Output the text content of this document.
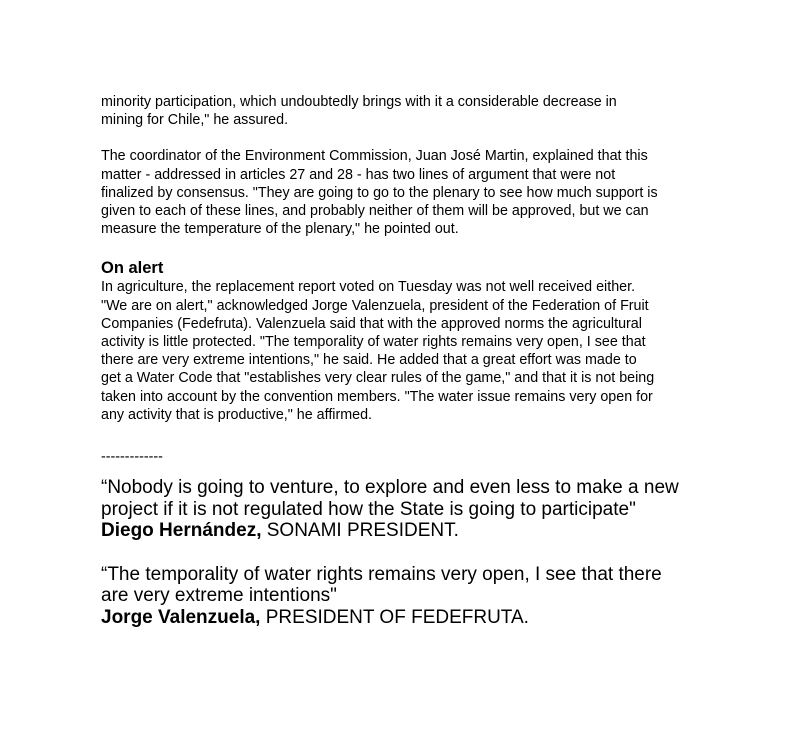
minority participation, which undoubtedly brings with it a considerable decrease in
mining for Chile," he assured.

The coordinator of the Environment Commission, Juan José Martin, explained that this
matter - addressed in articles 27 and 28 - has two lines of argument that were not
finalized by consensus. "They are going to go to the plenary to see how much support is
given to each of these lines, and probably neither of them will be approved, but we can
measure the temperature of the plenary," he pointed out.

On alert

In agriculture, the replacement report voted on Tuesday was not well received either.
"We are on alert," acknowledged Jorge Valenzuela, president of the Federation of Fruit
Companies (Fedefruta). Valenzuela said that with the approved norms the agricultural
activity is little protected. "The temporality of water rights remains very open, I see that
there are very extreme intentions," he said. He added that a great effort was made to
get a Water Code that "establishes very clear rules of the game," and that it is not being
taken into account by the convention members. "The water issue remains very open for
any activity that is productive," he affirmed.

-------------

“Nobody is going to venture, to explore and even less to make a new
project if it is not regulated how the State is going to participate"

Diego Hernández, SONAMI PRESIDENT.

“The temporality of water rights remains very open, I see that there
are very extreme intentions"

Jorge Valenzuela, PRESIDENT OF FEDEFRUTA.
